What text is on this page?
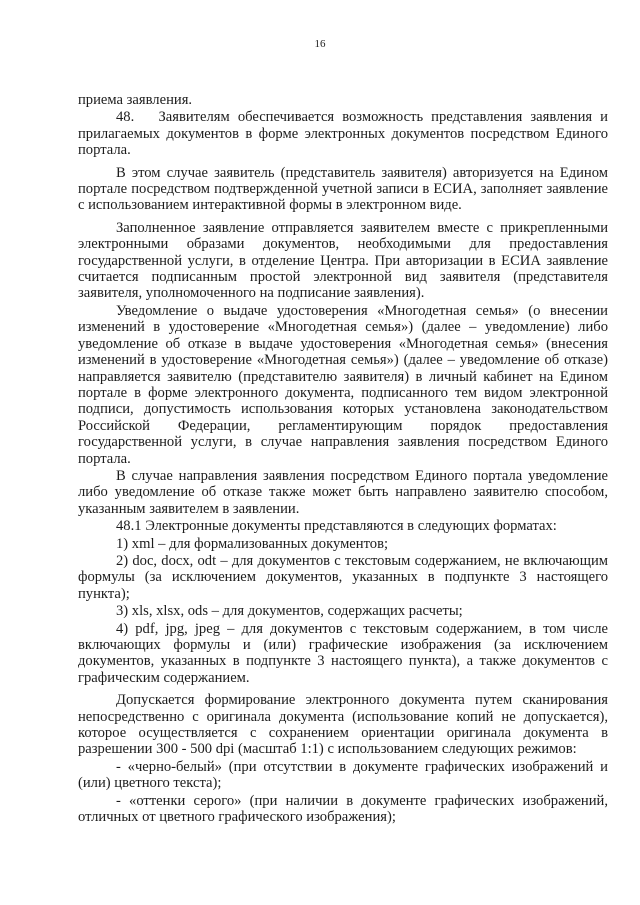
16

приема заявления.

48.   Заявителям обеспечивается возможность представления заявления и прилагаемых документов в форме электронных документов посредством Единого портала.

В этом случае заявитель (представитель заявителя) авторизуется на Едином портале посредством подтвержденной учетной записи в ЕСИА, заполняет заявление с использованием интерактивной формы в электронном виде.

Заполненное заявление отправляется заявителем вместе с прикрепленными электронными образами документов, необходимыми для предоставления государственной услуги, в отделение Центра. При авторизации в ЕСИА заявление считается подписанным простой электронной вид заявителя (представителя заявителя, уполномоченного на подписание заявления).

Уведомление о выдаче удостоверения «Многодетная семья» (о внесении изменений в удостоверение «Многодетная семья») (далее – уведомление) либо уведомление об отказе в выдаче удостоверения «Многодетная семья» (внесения изменений в удостоверение «Многодетная семья») (далее – уведомление об отказе) направляется заявителю (представителю заявителя) в личный кабинет на Едином портале в форме электронного документа, подписанного тем видом электронной подписи, допустимость использования которых установлена законодательством Российской Федерации, регламентирующим порядок предоставления государственной услуги, в случае направления заявления посредством Единого портала.

В случае направления заявления посредством Единого портала уведомление либо уведомление об отказе также может быть направлено заявителю способом, указанным заявителем в заявлении.

48.1 Электронные документы представляются в следующих форматах:

1) xml – для формализованных документов;

2) doc, docx, odt – для документов с текстовым содержанием, не включающим формулы (за исключением документов, указанных в подпункте 3 настоящего пункта);

3) xls, xlsx, ods – для документов, содержащих расчеты;

4) pdf, jpg, jpeg – для документов с текстовым содержанием, в том числе включающих формулы и (или) графические изображения (за исключением документов, указанных в подпункте 3 настоящего пункта), а также документов с графическим содержанием.

Допускается формирование электронного документа путем сканирования непосредственно с оригинала документа (использование копий не допускается), которое осуществляется с сохранением ориентации оригинала документа в разрешении 300 - 500 dpi (масштаб 1:1) с использованием следующих режимов:

- «черно-белый» (при отсутствии в документе графических изображений и (или) цветного текста);

- «оттенки серого» (при наличии в документе графических изображений, отличных от цветного графического изображения);
